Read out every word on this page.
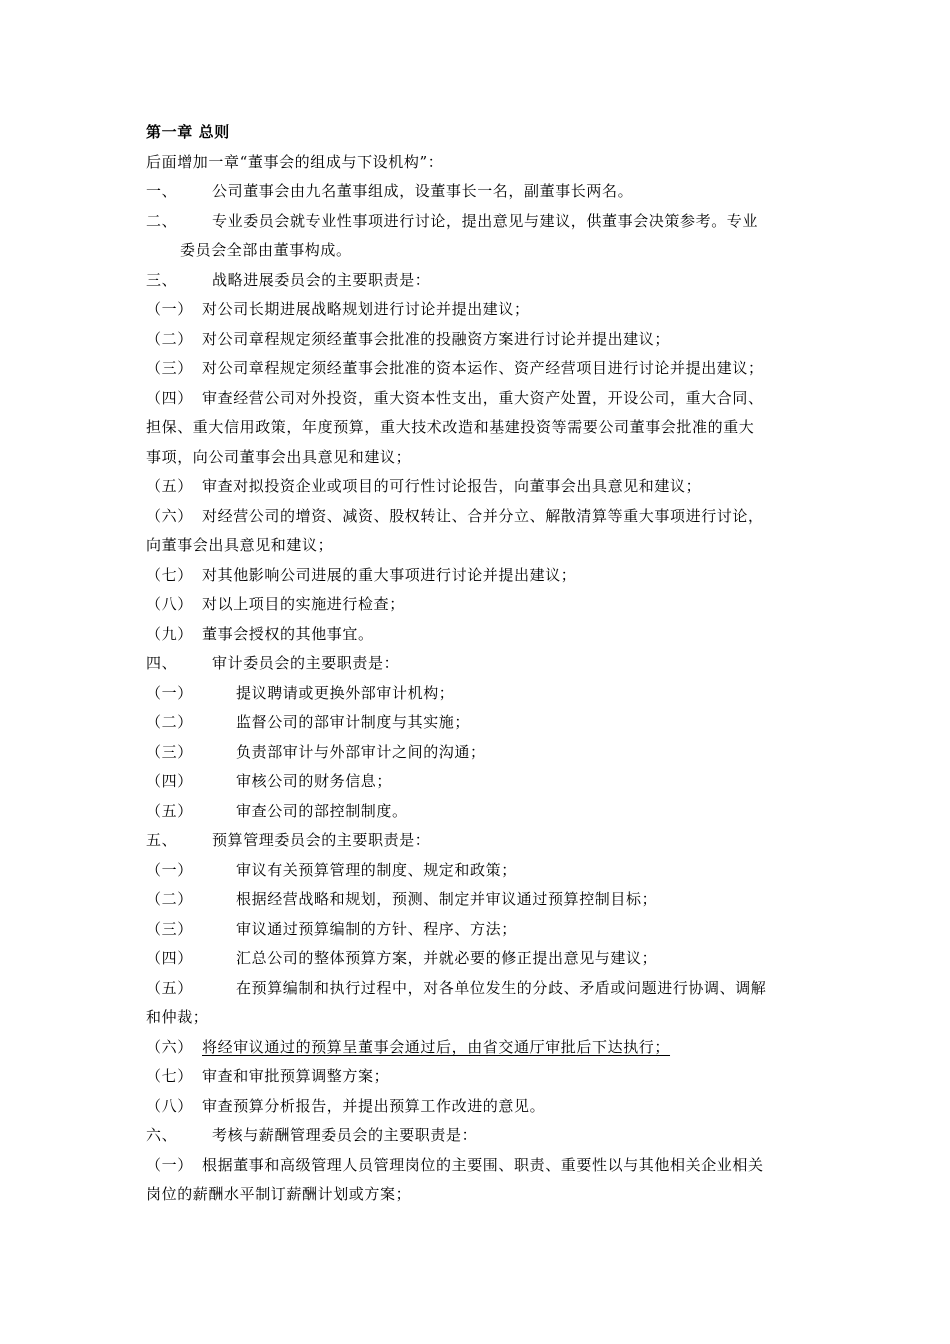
第一章 总则
后面增加一章“董事会的组成与下设机构”：
一、 公司董事会由九名董事组成，设董事长一名，副董事长两名。
二、 专业委员会就专业性事项进行讨论，提出意见与建议，供董事会决策参考。专业
委员会全部由董事构成。
三、 战略进展委员会的主要职责是：
（一） 对公司长期进展战略规划进行讨论并提出建议；
（二） 对公司章程规定须经董事会批准的投融资方案进行讨论并提出建议；
（三） 对公司章程规定须经董事会批准的资本运作、资产经营项目进行讨论并提出建议；
（四） 审查经营公司对外投资，重大资本性支出，重大资产处置，开设公司，重大合同、
担保、重大信用政策，年度预算，重大技术改造和基建投资等需要公司董事会批准的重大
事项，向公司董事会出具意见和建议；
（五） 审查对拟投资企业或项目的可行性讨论报告，向董事会出具意见和建议；
（六） 对经营公司的增资、减资、股权转让、合并分立、解散清算等重大事项进行讨论，
向董事会出具意见和建议；
（七） 对其他影响公司进展的重大事项进行讨论并提出建议；
（八） 对以上项目的实施进行检查；
（九） 董事会授权的其他事宜。
四、 审计委员会的主要职责是：
（一）	提议聘请或更换外部审计机构；
（二）	监督公司的部审计制度与其实施；
（三）	负责部审计与外部审计之间的沟通；
（四）	审核公司的财务信息；
（五）	审查公司的部控制制度。
五、 预算管理委员会的主要职责是：
（一）	审议有关预算管理的制度、规定和政策；
（二）	根据经营战略和规划，预测、制定并审议通过预算控制目标；
（三）	审议通过预算编制的方针、程序、方法；
（四）	汇总公司的整体预算方案，并就必要的修正提出意见与建议；
（五）	在预算编制和执行过程中，对各单位发生的分歧、矛盾或问题进行协调、调解
和仲裁；
（六） 将经审议通过的预算呈董事会通过后，由省交通厅审批后下达执行；
（七） 审查和审批预算调整方案；
（八） 审查预算分析报告，并提出预算工作改进的意见。
六、 考核与薪酬管理委员会的主要职责是：
（一） 根据董事和高级管理人员管理岗位的主要围、职责、重要性以与其他相关企业相关
岗位的薪酬水平制订薪酬计划或方案；
